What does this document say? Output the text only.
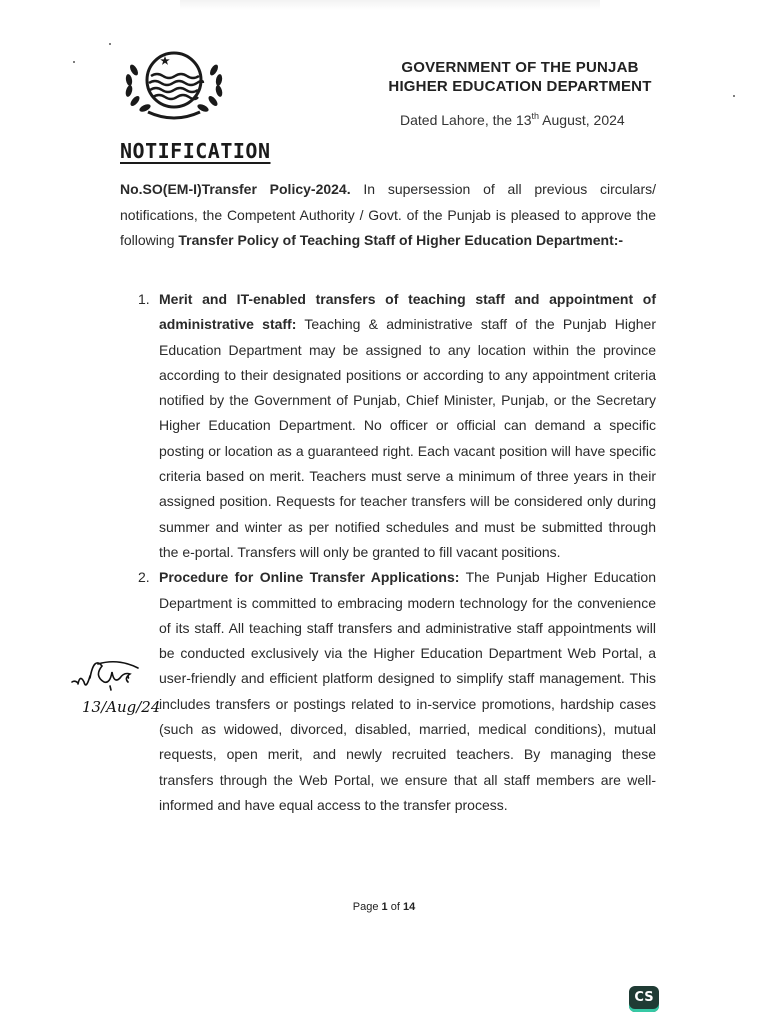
GOVERNMENT OF THE PUNJAB
HIGHER EDUCATION DEPARTMENT
Dated Lahore, the 13th August, 2024
NOTIFICATION
No.SO(EM-I)Transfer Policy-2024. In supersession of all previous circulars/ notifications, the Competent Authority / Govt. of the Punjab is pleased to approve the following Transfer Policy of Teaching Staff of Higher Education Department:-
1. Merit and IT-enabled transfers of teaching staff and appointment of administrative staff: Teaching & administrative staff of the Punjab Higher Education Department may be assigned to any location within the province according to their designated positions or according to any appointment criteria notified by the Government of Punjab, Chief Minister, Punjab, or the Secretary Higher Education Department. No officer or official can demand a specific posting or location as a guaranteed right. Each vacant position will have specific criteria based on merit. Teachers must serve a minimum of three years in their assigned position. Requests for teacher transfers will be considered only during summer and winter as per notified schedules and must be submitted through the e-portal. Transfers will only be granted to fill vacant positions.
2. Procedure for Online Transfer Applications: The Punjab Higher Education Department is committed to embracing modern technology for the convenience of its staff. All teaching staff transfers and administrative staff appointments will be conducted exclusively via the Higher Education Department Web Portal, a user-friendly and efficient platform designed to simplify staff management. This includes transfers or postings related to in-service promotions, hardship cases (such as widowed, divorced, disabled, married, medical conditions), mutual requests, open merit, and newly recruited teachers. By managing these transfers through the Web Portal, we ensure that all staff members are well-informed and have equal access to the transfer process.
13/Aug/24
Page 1 of 14
CS
